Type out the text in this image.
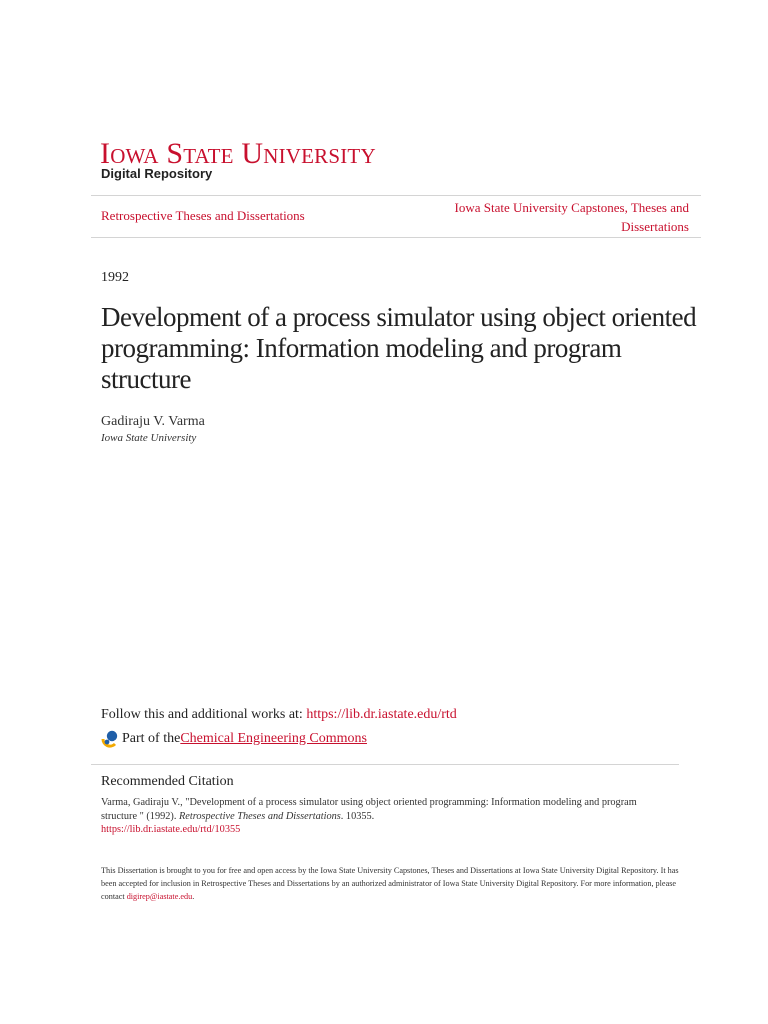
Iowa State University
Digital Repository
Retrospective Theses and Dissertations
Iowa State University Capstones, Theses and Dissertations
1992
Development of a process simulator using object oriented programming: Information modeling and program structure
Gadiraju V. Varma
Iowa State University
Follow this and additional works at: https://lib.dr.iastate.edu/rtd
Part of the Chemical Engineering Commons
Recommended Citation
Varma, Gadiraju V., "Development of a process simulator using object oriented programming: Information modeling and program structure " (1992). Retrospective Theses and Dissertations. 10355.
https://lib.dr.iastate.edu/rtd/10355
This Dissertation is brought to you for free and open access by the Iowa State University Capstones, Theses and Dissertations at Iowa State University Digital Repository. It has been accepted for inclusion in Retrospective Theses and Dissertations by an authorized administrator of Iowa State University Digital Repository. For more information, please contact digirep@iastate.edu.
